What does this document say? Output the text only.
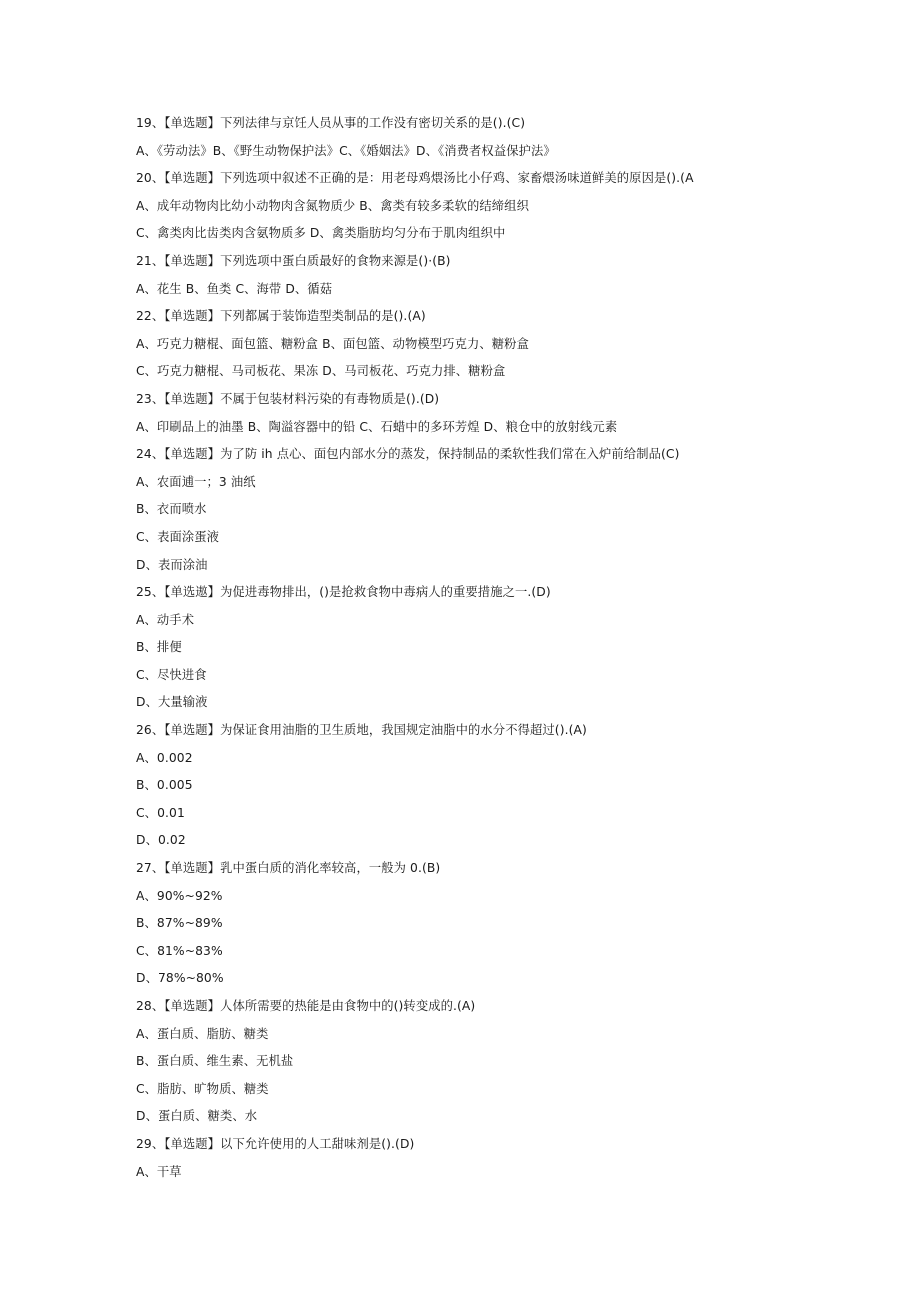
19、【单选题】下列法律与京饪人员从事的工作没有密切关系的是().(C)
A、《劳动法》B、《野生动物保护法》C、《婚姻法》D、《消费者权益保护法》
20、【单选题】下列选项中叙述不正确的是：用老母鸡煨汤比小仔鸡、家畜煨汤味道鲜美的原因是().(A
A、成年动物肉比幼小动物肉含氮物质少 B、禽类有较多柔软的结缔组织
C、禽类肉比齿类肉含氨物质多 D、禽类脂肪均匀分布于肌肉组织中
21、【单选题】下列选项中蛋白质最好的食物来源是()·(B)
A、花生 B、鱼类 C、海带 D、循菇
22、【单选题】下列都属于装饰造型类制品的是().(A)
A、巧克力糖棍、面包篮、糖粉盒 B、面包篮、动物模型巧克力、糖粉盒
C、巧克力糖棍、马司板花、果冻 D、马司板花、巧克力排、糖粉盒
23、【单选题】不属于包装材料污染的有毒物质是().(D)
A、印刷品上的油墨 B、陶溢容器中的铅 C、石蜡中的多环芳煌 D、粮仓中的放射线元素
24、【单选题】为了防 ih 点心、面包内部水分的蒸发，保持制品的柔软性我们常在入炉前给制品(C)
A、农面逋一；3 油纸
B、衣而喷水
C、表面涂蛋液
D、表而涂油
25、【单选遨】为促进毒物排出，()是抢救食物中毒病人的重要措施之一.(D)
A、动手术
B、排便
C、尽快进食
D、大量输液
26、【单选题】为保证食用油脂的卫生质地，我国规定油脂中的水分不得超过().(A)
A、0.002
B、0.005
C、0.01
D、0.02
27、【单选题】乳中蛋白质的消化率较高，一般为 0.(B)
A、90%~92%
B、87%~89%
C、81%~83%
D、78%~80%
28、【单选题】人体所需要的热能是由食物中的()转变成的.(A)
A、蛋白质、脂肪、糖类
B、蛋白质、维生素、无机盐
C、脂肪、旷物质、糖类
D、蛋白质、糖类、水
29、【单选题】以下允许使用的人工甜味剂是().(D)
A、干草
